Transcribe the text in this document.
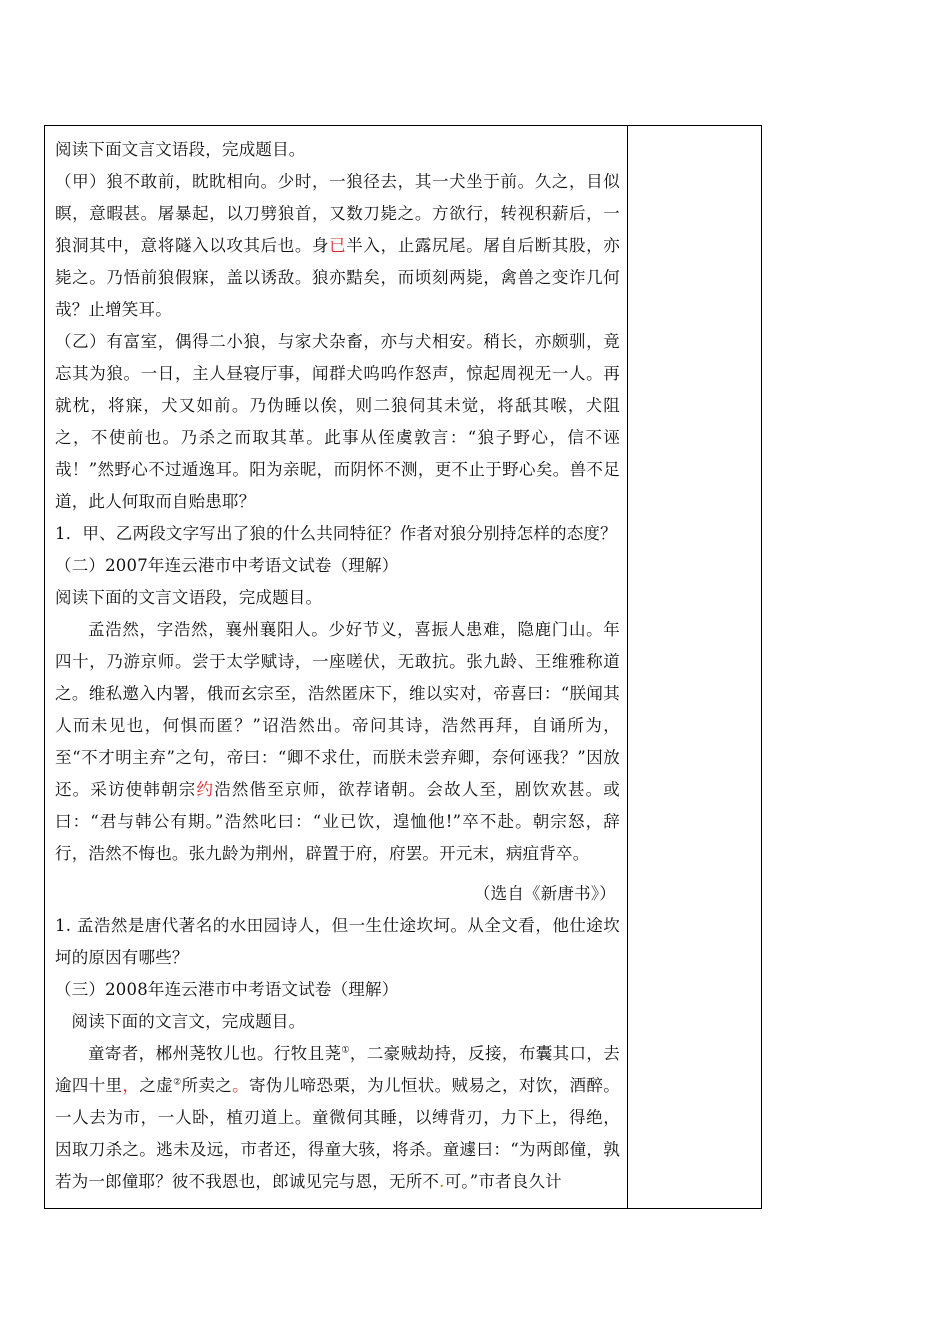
阅读下面文言文语段，完成题目。

（甲）狼不敢前，眈眈相向。少时，一狼径去，其一犬坐于前。久之，目似瞑，意暇甚。屠暴起，以刀劈狼首，又数刀毙之。方欲行，转视积薪后，一狼洞其中，意将隧入以攻其后也。身已半入，止露尻尾。屠自后断其股，亦毙之。乃悟前狼假寐，盖以诱敌。狼亦黠矣，而顷刻两毙，禽兽之变诈几何哉？止增笑耳。

（乙）有富室，偶得二小狼，与家犬杂畜，亦与犬相安。稍长，亦颇驯，竟忘其为狼。一日，主人昼寝厅事，闻群犬呜呜作怒声，惊起周视无一人。再就枕，将寐，犬又如前。乃伪睡以俟，则二狼伺其未觉，将舐其喉，犬阻之，不使前也。乃杀之而取其革。此事从侄虞敦言：“狼子野心，信不诬哉！”然野心不过遁逸耳。阳为亲昵，而阴怀不测，更不止于野心矣。兽不足道，此人何取而自贻患耶？

1．甲、乙两段文字写出了狼的什么共同特征？作者对狼分别持怎样的态度？

（二）2007年连云港市中考语文试卷（理解）

阅读下面的文言文语段，完成题目。

孟浩然，字浩然，襄州襄阳人。少好节义，喜振人患难，隐鹿门山。年四十，乃游京师。尝于太学赋诗，一座嗟伏，无敢抗。张九龄、王维雅称道之。维私邀入内署，俄而玄宗至，浩然匿床下，维以实对，帝喜曰：“朕闻其人而未见也，何惧而匿？”诏浩然出。帝问其诗，浩然再拜，自诵所为，至“不才明主弃”之句，帝曰：“卿不求仕，而朕未尝弃卿，奈何诬我？”因放还。采访使韩朝宗约浩然偕至京师，欲荐诸朝。会故人至，剧饮欢甚。或曰：“君与韩公有期。”浩然叱曰：“业已饮，遑恤他!”卒不赴。朝宗怒，辞行，浩然不悔也。张九龄为荆州，辟置于府，府罢。开元末，病疽背卒。

（选自《新唐书》）

1. 孟浩然是唐代著名的水田园诗人，但一生仕途坎坷。从全文看，他仕途坎坷的原因有哪些？

（三）2008年连云港市中考语文试卷（理解）

阅读下面的文言文，完成题目。

童寄者，郴州荛牧儿也。行牧且荛①，二豪贼劫持，反接，布囊其口，去逾四十里，之虚②所卖之。寄伪儿啼恐栗，为儿恒状。贼易之，对饮，酒醉。一人去为市，一人卧，植刃道上。童微伺其睡，以缚背刃，力下上，得绝，因取刀杀之。逃未及远，市者还，得童大骇，将杀。童遽曰：“为两郎僮，孰若为一郎僮耶？彼不我恩也，郎诚见完与恩，无所不.可。”市者良久计
